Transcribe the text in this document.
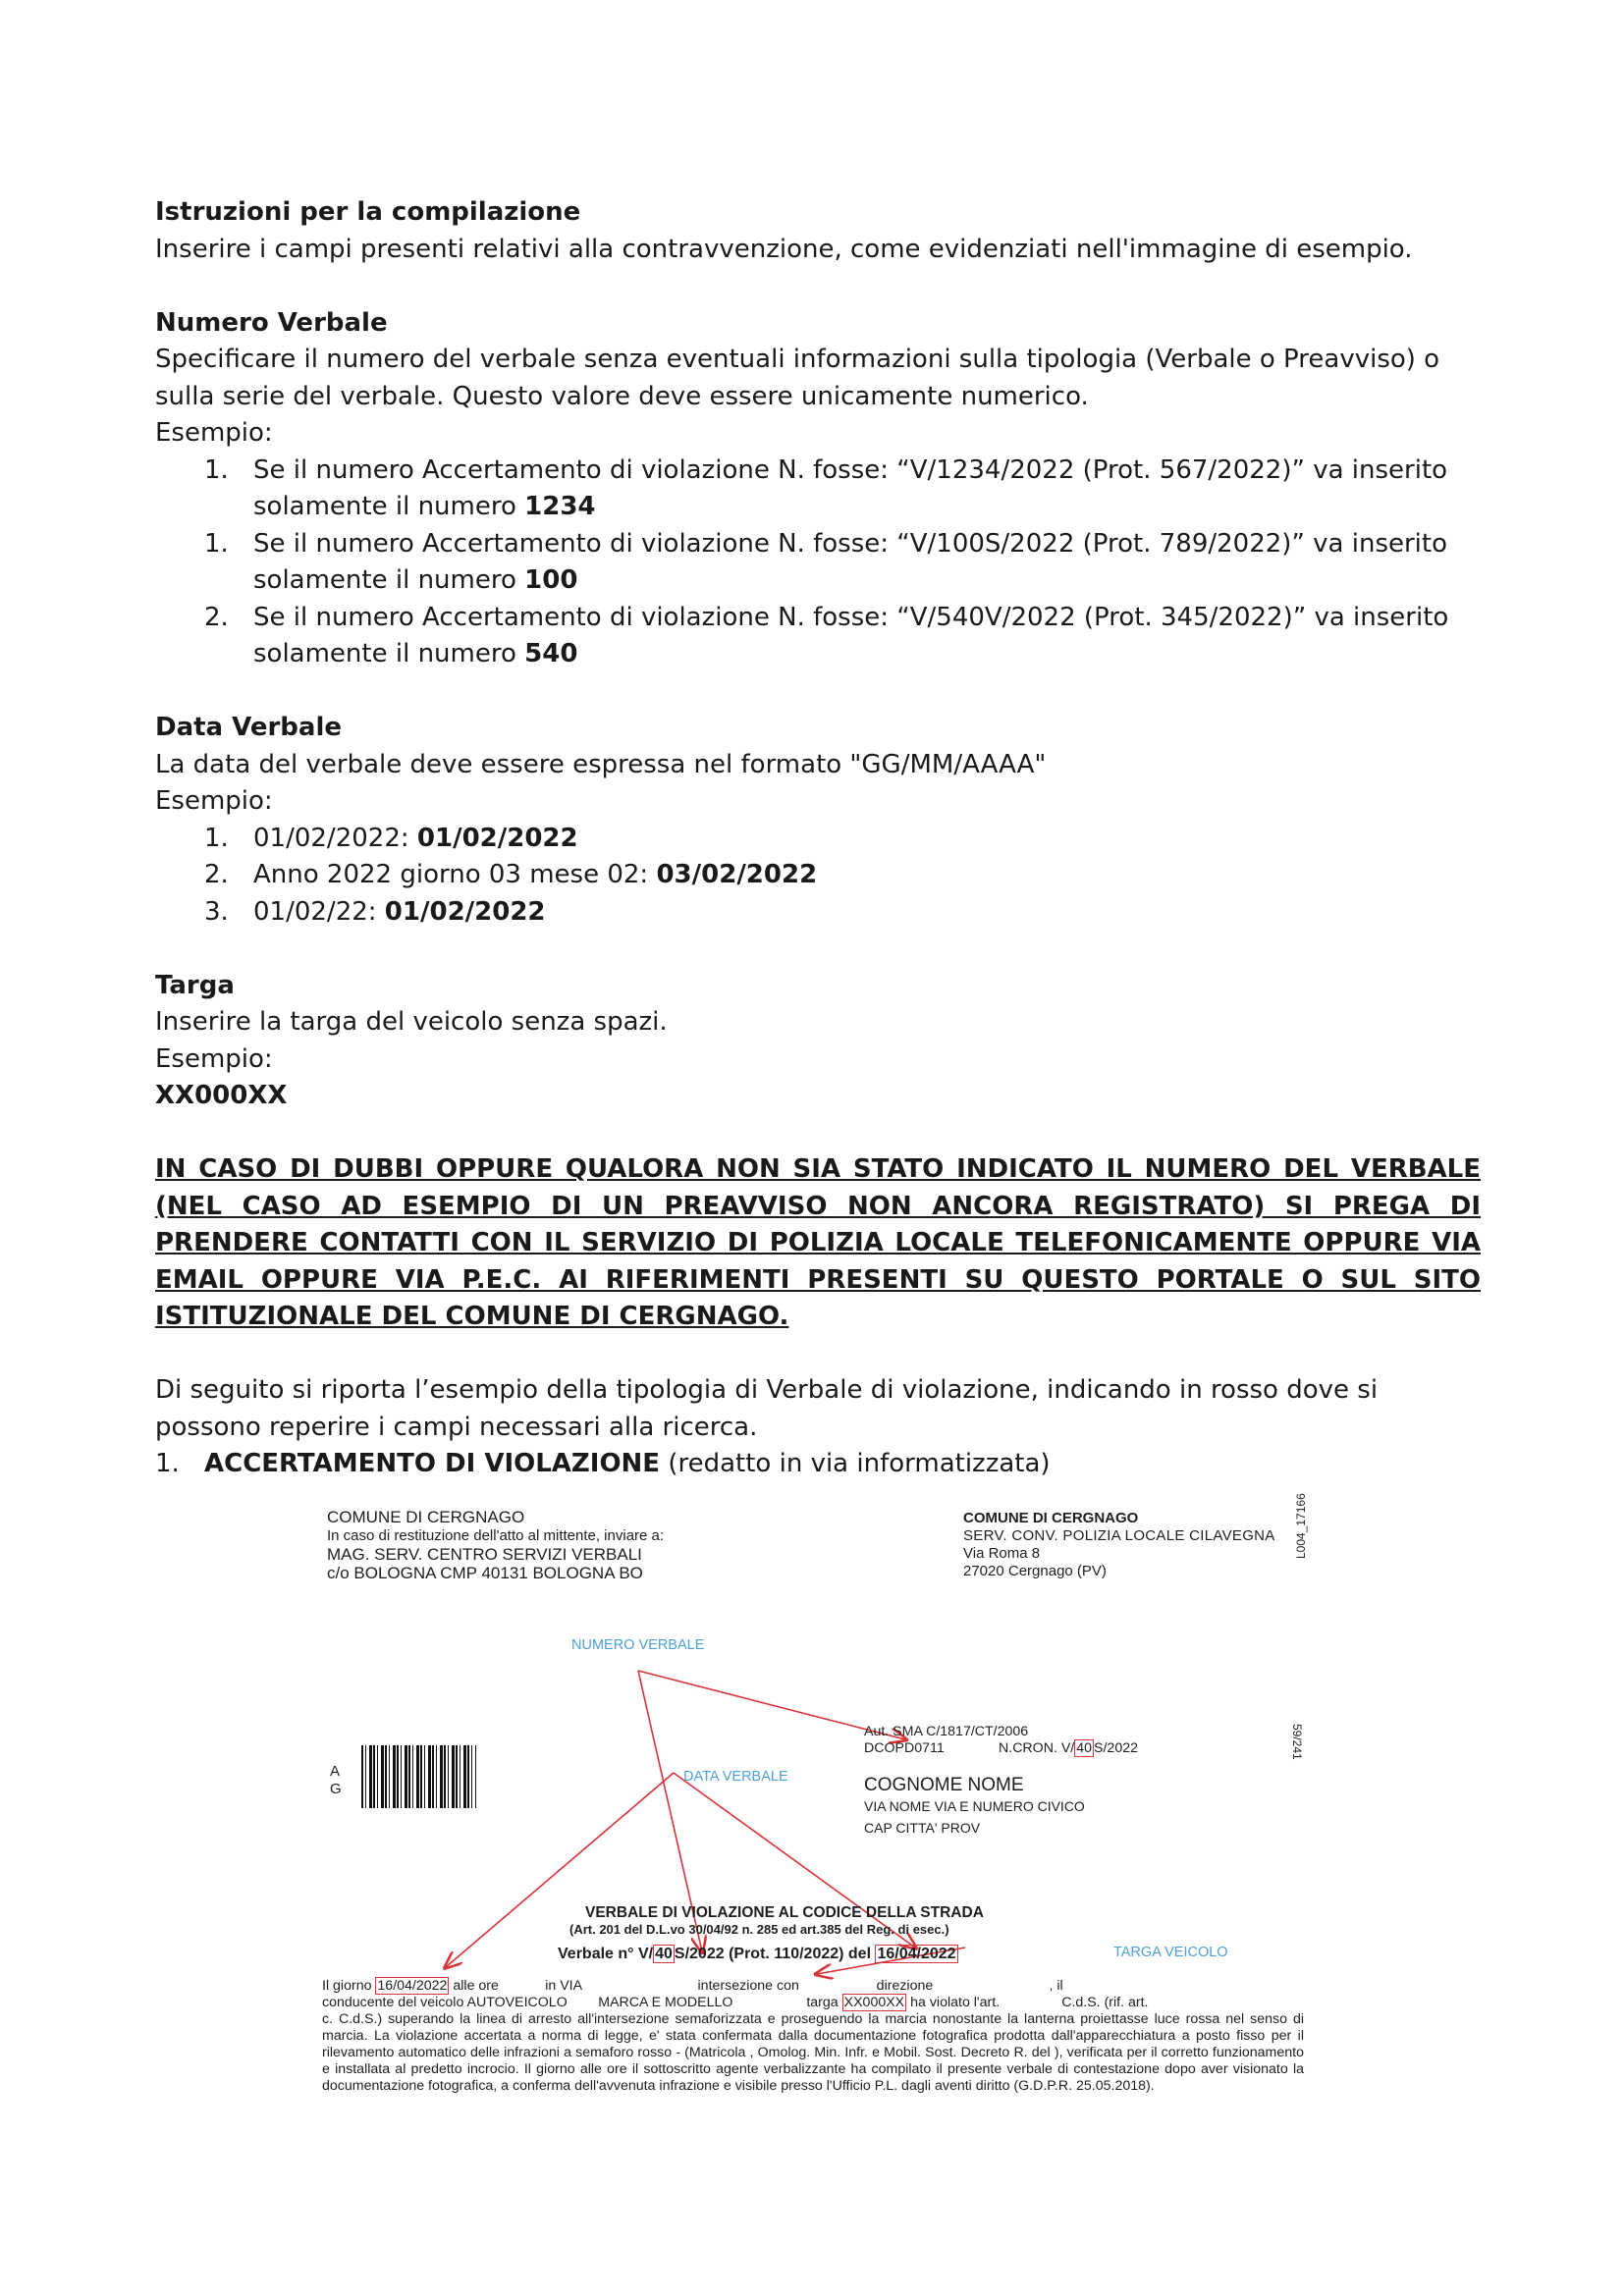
Istruzioni per la compilazione
Inserire i campi presenti relativi alla contravvenzione, come evidenziati nell'immagine di esempio.
Numero Verbale
Specificare il numero del verbale senza eventuali informazioni sulla tipologia (Verbale o Preavviso) o sulla serie del verbale. Questo valore deve essere unicamente numerico.
Esempio:
1. Se il numero Accertamento di violazione N. fosse: “V/1234/2022 (Prot. 567/2022)” va inserito
solamente il numero 1234
1. Se il numero Accertamento di violazione N. fosse: “V/100S/2022 (Prot. 789/2022)” va inserito
solamente il numero 100
2. Se il numero Accertamento di violazione N. fosse: “V/540V/2022 (Prot. 345/2022)” va inserito
solamente il numero 540
Data Verbale
La data del verbale deve essere espressa nel formato "GG/MM/AAAA"
Esempio:
1. 01/02/2022: 01/02/2022
2. Anno 2022 giorno 03 mese 02: 03/02/2022
3. 01/02/22: 01/02/2022
Targa
Inserire la targa del veicolo senza spazi.
Esempio:
XX000XX
IN CASO DI DUBBI OPPURE QUALORA NON SIA STATO INDICATO IL NUMERO DEL VERBALE (NEL CASO AD ESEMPIO DI UN PREAVVISO NON ANCORA REGISTRATO) SI PREGA DI PRENDERE CONTATTI CON IL SERVIZIO DI POLIZIA LOCALE TELEFONICAMENTE OPPURE VIA EMAIL OPPURE VIA P.E.C. AI RIFERIMENTI PRESENTI SU QUESTO PORTALE O SUL SITO ISTITUZIONALE DEL COMUNE DI CERGNAGO.
Di seguito si riporta l’esempio della tipologia di Verbale di violazione, indicando in rosso dove si possono reperire i campi necessari alla ricerca.
1. ACCERTAMENTO DI VIOLAZIONE (redatto in via informatizzata)
COMUNE DI CERGNAGO
In caso di restituzione dell'atto al mittente, inviare a:
MAG. SERV. CENTRO SERVIZI VERBALI
c/o BOLOGNA CMP 40131 BOLOGNA BO
COMUNE DI CERGNAGO
SERV. CONV. POLIZIA LOCALE CILAVEGNA
Via Roma 8
27020 Cergnago (PV)
L004_17166
59/241
NUMERO VERBALE
DATA VERBALE
TARGA VEICOLO
Aut. SMA C/1817/CT/2006
DCOPD0711	N.CRON. V/ 40 S/2022
A
G	COGNOME NOME
VIA NOME VIA E NUMERO CIVICO
CAP CITTA' PROV
VERBALE DI VIOLAZIONE AL CODICE DELLA STRADA
(Art. 201 del D.L.vo 30/04/92 n. 285 ed art.385 del Reg. di esec.)
Verbale n° V/ 40 S/2022 (Prot. 110/2022) del 16/04/2022
Il giorno 16/04/2022 alle ore            in VIA                              intersezione con                    direzione                              , il
conducente del veicolo AUTOVEICOLO        MARCA E MODELLO                   targa XX000XX ha violato l'art.                C.d.S. (rif. art.
c. C.d.S.) superando la linea di arresto all'intersezione semaforizzata e proseguendo la marcia nonostante la lanterna proiettasse luce rossa nel senso di marcia. La violazione accertata a norma di legge, e' stata confermata dalla documentazione fotografica prodotta dall'apparecchiatura a posto fisso per il rilevamento automatico delle infrazioni a semaforo rosso - (Matricola , Omolog. Min. Infr. e Mobil. Sost. Decreto R. del ), verificata per il corretto funzionamento e installata al predetto incrocio. Il giorno alle ore il sottoscritto agente verbalizzante ha compilato il presente verbale di contestazione dopo aver visionato la documentazione fotografica, a conferma dell'avvenuta infrazione e visibile presso l'Ufficio P.L. dagli aventi diritto (G.D.P.R. 25.05.2018).
